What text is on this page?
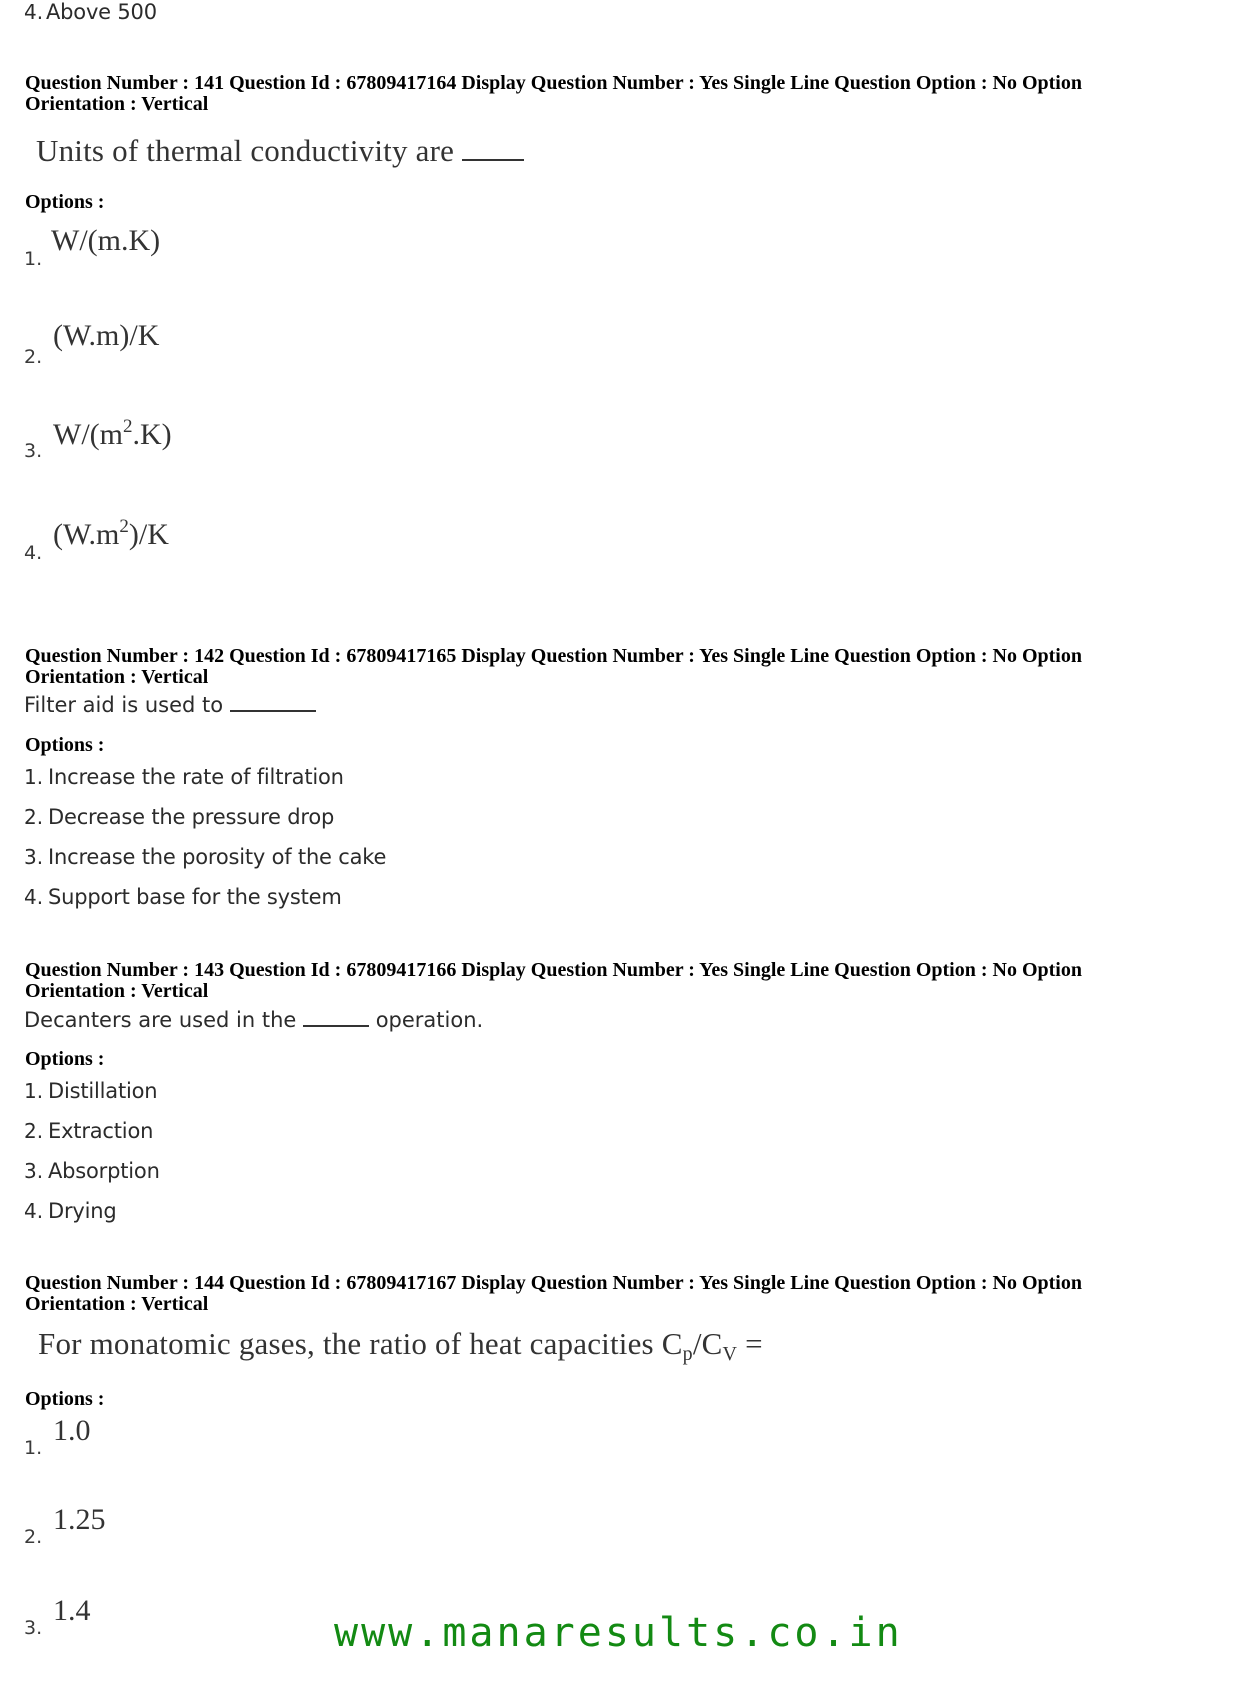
4. Above 500
Question Number : 141 Question Id : 67809417164 Display Question Number : Yes Single Line Question Option : No Option Orientation : Vertical
Units of thermal conductivity are
Options :
1.
W/(m.K)
2.
(W.m)/K
3. $W/(m^2.K)$
4.
$(W.m^2)/K$
Question Number : 142 Question Id : 67809417165 Display Question Number : Yes Single Line Question Option : No Option Orientation : Vertical
Filter aid is used to
Options :
1. Increase the rate of filtration
2. Decrease the pressure drop
3. Increase the porosity of the cake
4. Support base for the system
Question Number : 143 Question Id : 67809417166 Display Question Number : Yes Single Line Question Option : No Option Orientation : Vertical
Decanters are used in the	operation.
Options :
1. Distillation
2. Extraction
3. Absorption
4. Drying
Question Number : 144 Question Id : 67809417167 Display Question Number : Yes Single Line Question Option : No Option Orientation : Vertical
For monatomic gases, the ratio of heat capacities Cp/CV =
Options :
1.
1.0
2.
1.25
3.
1.4	www.manaresults.co.in
